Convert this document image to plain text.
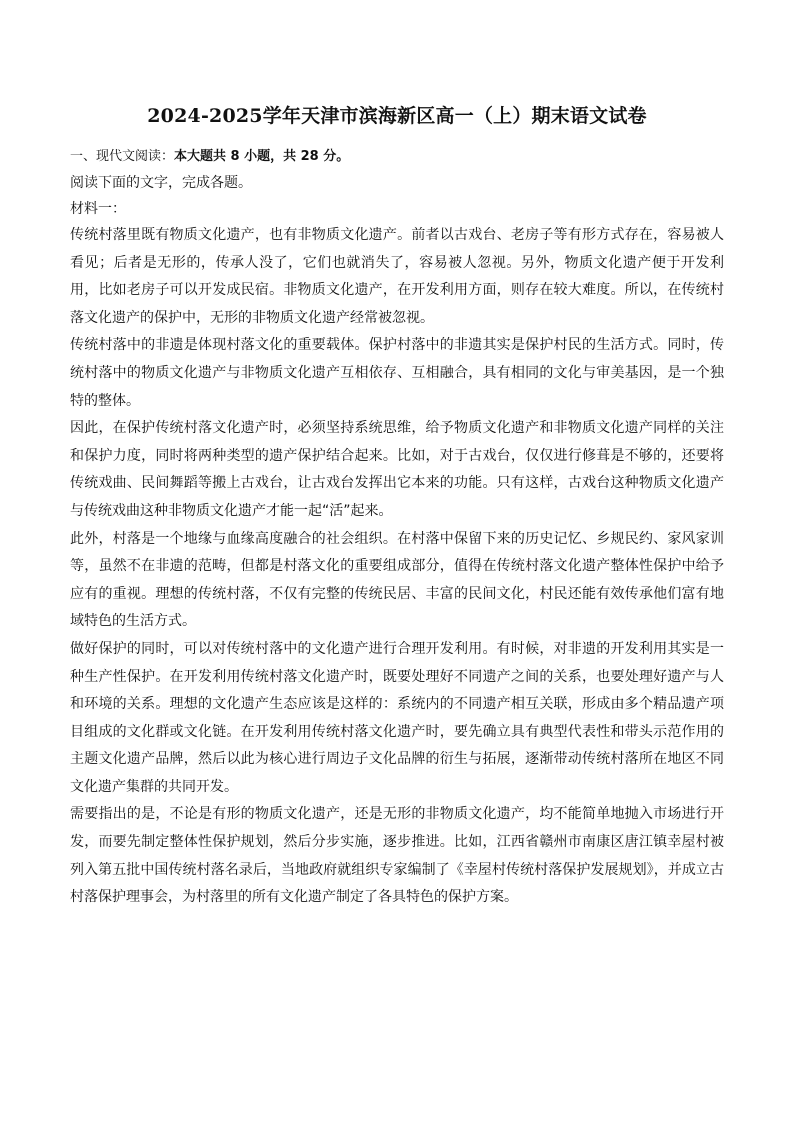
2024-2025学年天津市滨海新区高一（上）期末语文试卷

一、现代文阅读：本大题共 8 小题，共 28 分。

阅读下面的文字，完成各题。

材料一：

传统村落里既有物质文化遗产，也有非物质文化遗产。前者以古戏台、老房子等有形方式存在，容易被人看见；后者是无形的，传承人没了，它们也就消失了，容易被人忽视。另外，物质文化遗产便于开发利用，比如老房子可以开发成民宿。非物质文化遗产，在开发利用方面，则存在较大难度。所以，在传统村落文化遗产的保护中，无形的非物质文化遗产经常被忽视。

传统村落中的非遗是体现村落文化的重要载体。保护村落中的非遗其实是保护村民的生活方式。同时，传统村落中的物质文化遗产与非物质文化遗产互相依存、互相融合，具有相同的文化与审美基因，是一个独特的整体。

因此，在保护传统村落文化遗产时，必须坚持系统思维，给予物质文化遗产和非物质文化遗产同样的关注和保护力度，同时将两种类型的遗产保护结合起来。比如，对于古戏台，仅仅进行修葺是不够的，还要将传统戏曲、民间舞蹈等搬上古戏台，让古戏台发挥出它本来的功能。只有这样，古戏台这种物质文化遗产与传统戏曲这种非物质文化遗产才能一起“活”起来。

此外，村落是一个地缘与血缘高度融合的社会组织。在村落中保留下来的历史记忆、乡规民约、家风家训等，虽然不在非遗的范畴，但都是村落文化的重要组成部分，值得在传统村落文化遗产整体性保护中给予应有的重视。理想的传统村落，不仅有完整的传统民居、丰富的民间文化，村民还能有效传承他们富有地域特色的生活方式。

做好保护的同时，可以对传统村落中的文化遗产进行合理开发利用。有时候，对非遗的开发利用其实是一种生产性保护。在开发利用传统村落文化遗产时，既要处理好不同遗产之间的关系，也要处理好遗产与人和环境的关系。理想的文化遗产生态应该是这样的：系统内的不同遗产相互关联，形成由多个精品遗产项目组成的文化群或文化链。在开发利用传统村落文化遗产时，要先确立具有典型代表性和带头示范作用的主题文化遗产品牌，然后以此为核心进行周边子文化品牌的衍生与拓展，逐渐带动传统村落所在地区不同文化遗产集群的共同开发。

需要指出的是，不论是有形的物质文化遗产，还是无形的非物质文化遗产，均不能简单地抛入市场进行开发，而要先制定整体性保护规划，然后分步实施，逐步推进。比如，江西省赣州市南康区唐江镇幸屋村被列入第五批中国传统村落名录后，当地政府就组织专家编制了《幸屋村传统村落保护发展规划》，并成立古村落保护理事会，为村落里的所有文化遗产制定了各具特色的保护方案。
